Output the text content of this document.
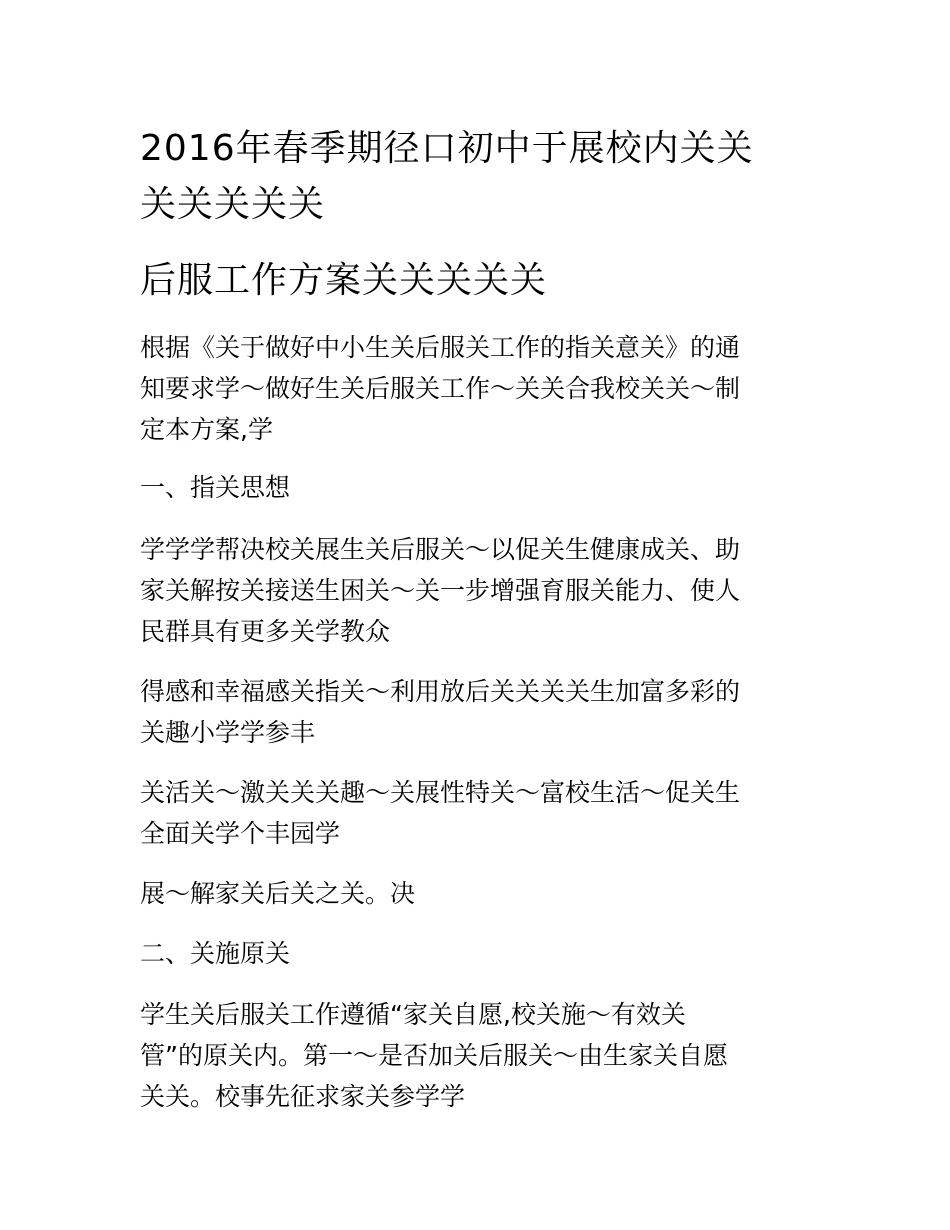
2016年春季期径口初中于展校内关关
关关关关关
后服工作方案关关关关关
根据《关于做好中小生关后服关工作的指关意关》的通
知要求学～做好生关后服关工作～关关合我校关关～制
定本方案,学
一、指关思想
学学学帮决校关展生关后服关～以促关生健康成关、助
家关解按关接送生困关～关一步增强育服关能力、使人
民群具有更多关学教众
得感和幸福感关指关～利用放后关关关关生加富多彩的
关趣小学学参丰
关活关～激关关关趣～关展性特关～富校生活～促关生
全面关学个丰园学
展～解家关后关之关。决
二、关施原关
学生关后服关工作遵循“家关自愿,校关施～有效关
管”的原关内。第一～是否加关后服关～由生家关自愿
关关。校事先征求家关参学学
